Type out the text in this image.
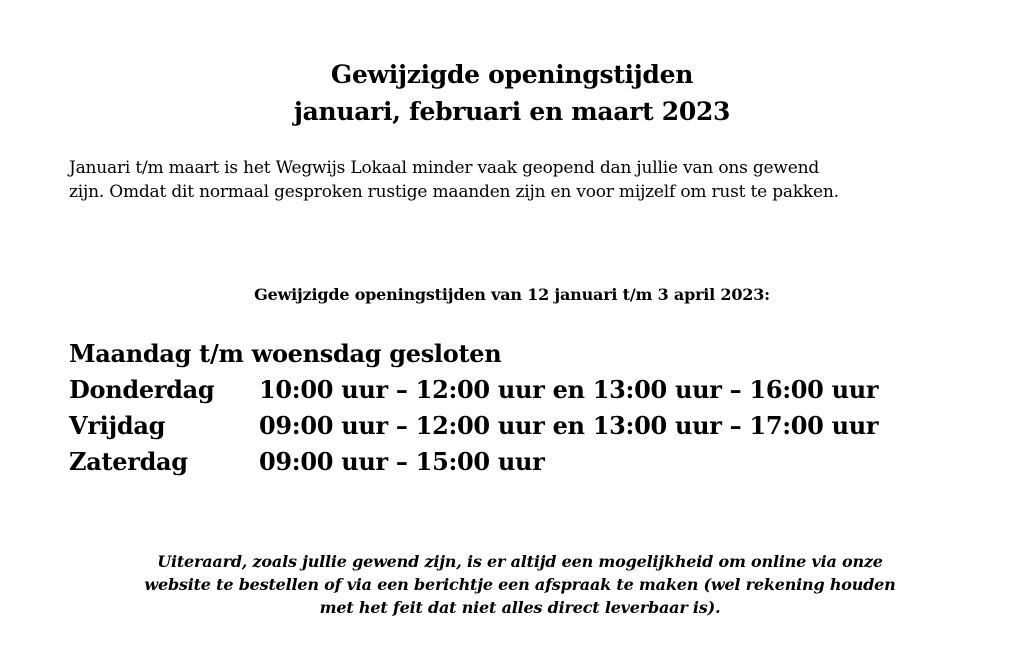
Gewijzigde openingstijden
januari, februari en maart 2023
Januari t/m maart is het Wegwijs Lokaal minder vaak geopend dan jullie van ons gewend
zijn. Omdat dit normaal gesproken rustige maanden zijn en voor mijzelf om rust te pakken.
Gewijzigde openingstijden van 12 januari t/m 3 april 2023:
Maandag t/m woensdag gesloten
Donderdag	10:00 uur – 12:00 uur en 13:00 uur – 16:00 uur
Vrijdag	09:00 uur – 12:00 uur en 13:00 uur – 17:00 uur
Zaterdag	09:00 uur – 15:00 uur
Uiteraard, zoals jullie gewend zijn, is er altijd een mogelijkheid om online via onze
website te bestellen of via een berichtje een afspraak te maken (wel rekening houden
met het feit dat niet alles direct leverbaar is).
